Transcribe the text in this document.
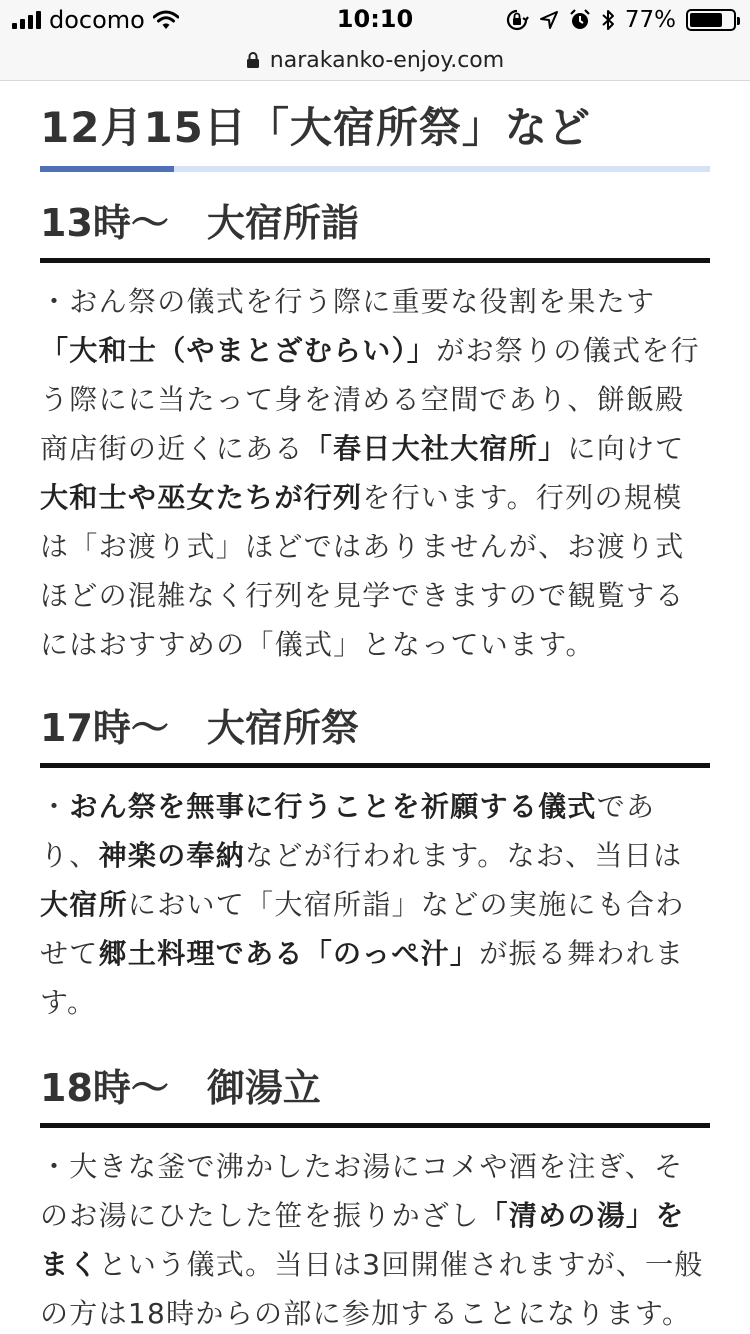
docomo	10:10	77%
narakanko-enjoy.com
12月15日「大宿所祭」など
13時〜　大宿所詣

・おん祭の儀式を行う際に重要な役割を果たす「大和士（やまとざむらい）」がお祭りの儀式を行う際にに当たって身を清める空間であり、餅飯殿商店街の近くにある「春日大社大宿所」に向けて大和士や巫女たちが行列を行います。行列の規模は「お渡り式」ほどではありませんが、お渡り式ほどの混雑なく行列を見学できますので観覧するにはおすすめの「儀式」となっています。

17時〜　大宿所祭

・おん祭を無事に行うことを祈願する儀式であり、神楽の奉納などが行われます。なお、当日は大宿所において「大宿所詣」などの実施にも合わせて郷土料理である「のっぺ汁」が振る舞われます。

18時〜　御湯立

・大きな釜で沸かしたお湯にコメや酒を注ぎ、そのお湯にひたした笹を振りかざし「清めの湯」をまくという儀式。当日は3回開催されますが、一般の方は18時からの部に参加することになります。
